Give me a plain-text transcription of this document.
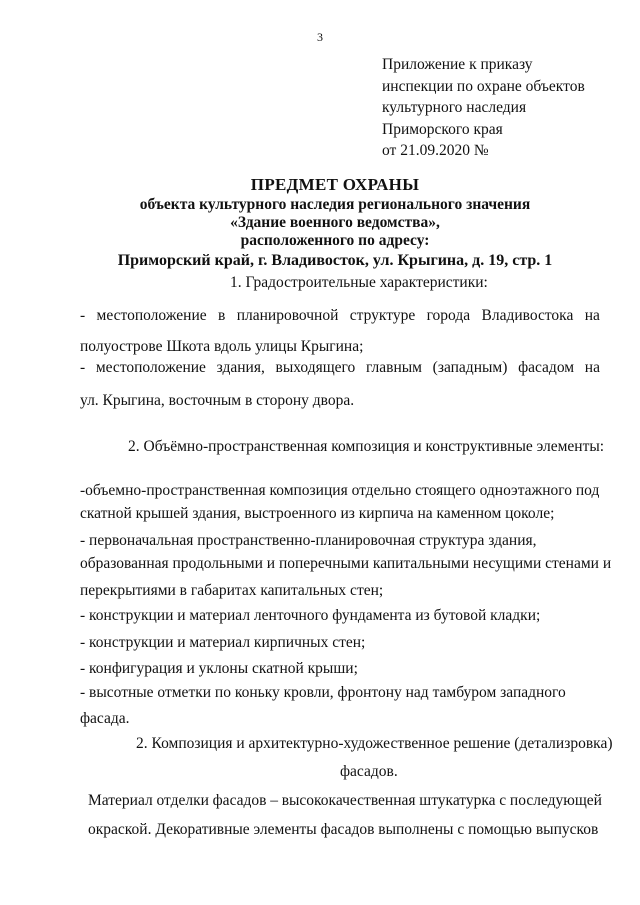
3
Приложение к приказу
инспекции по охране объектов
культурного наследия
Приморского края
от 21.09.2020 №
ПРЕДМЕТ ОХРАНЫ
объекта культурного наследия регионального значения
«Здание военного ведомства»,
расположенного по адресу:
Приморский край, г. Владивосток, ул. Крыгина, д. 19, стр. 1
1. Градостроительные характеристики:
- местоположение в планировочной структуре города Владивостока на
полуострове Шкота вдоль улицы Крыгина;
- местоположение здания, выходящего главным (западным) фасадом на
ул. Крыгина, восточным в сторону двора.
2. Объёмно-пространственная композиция и конструктивные элементы:
-объемно-пространственная композиция отдельно стоящего одноэтажного под
скатной крышей здания, выстроенного из кирпича на каменном цоколе;
- первоначальная пространственно-планировочная структура здания,
образованная продольными и поперечными капитальными несущими стенами и
перекрытиями в габаритах капитальных стен;
- конструкции и материал ленточного фундамента из бутовой кладки;
- конструкции и материал кирпичных стен;
- конфигурация и уклоны скатной крыши;
- высотные отметки по коньку кровли, фронтону над тамбуром западного
фасада.
2. Композиция и архитектурно-художественное решение (детализровка)
фасадов.
Материал отделки фасадов – высококачественная штукатурка с последующей
окраской. Декоративные элементы фасадов выполнены с помощью выпусков
